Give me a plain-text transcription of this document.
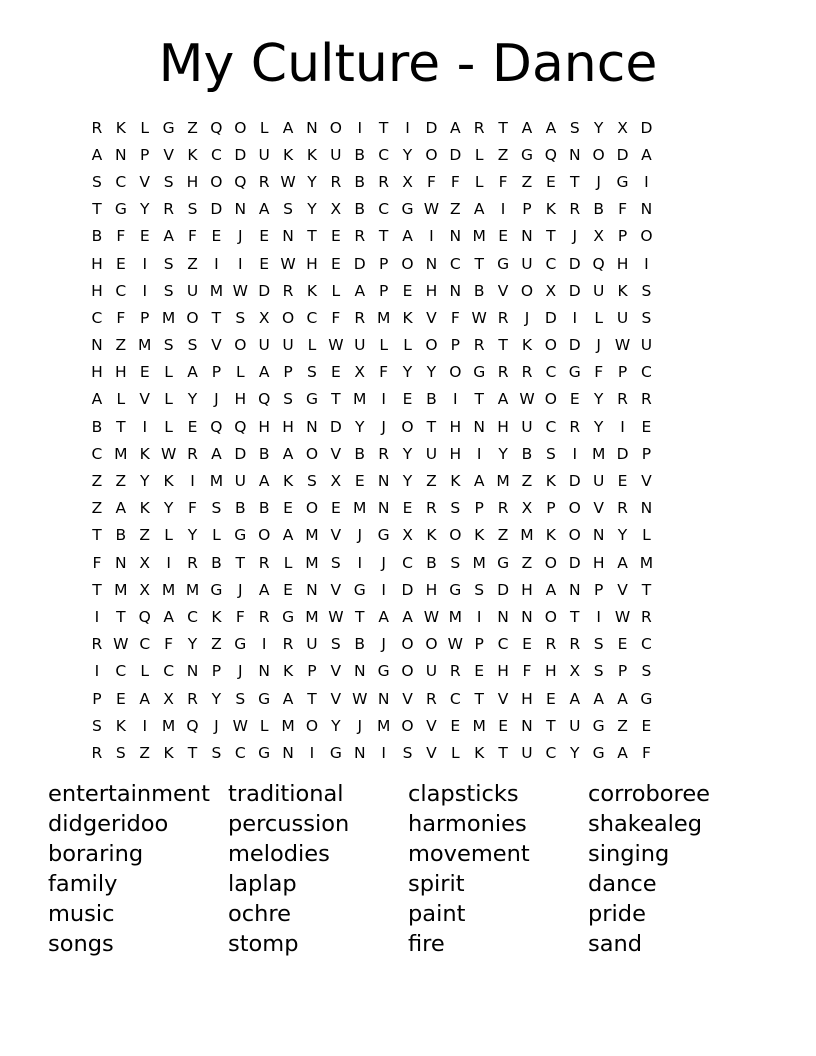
My Culture - Dance
R K L G Z Q O L A N O	I	T	I	D A R T A A S Y X D
A N P V K C D U K K U B C Y O D L Z G Q N O D A
S C V S H O Q R W Y R B R X F F L F Z E T	J	G	I
T G Y R S D N A S Y X B C G W Z A	I	P K R B F N
B F E A F E	J	E N T E R T A	I	N M E N T	J	X P O
H E	I	S Z	I	I	E W H E D P O N C T G U C D Q H	I
H C	I	S U M W D R K L A P E H N B V O X D U K S
C F P M O T S X O C F R M K V F W R	J	D	I	L U S
N Z M S S V O U U L W U L L O P R T K O D	J W U
H H E L A P L A P S E X F Y Y O G R R C G F P C
A L V L Y	J	H Q S G T M I	E B	I	T A W O E Y R R
B T	I	L E Q Q H H N D Y	J	O T H N H U C R Y	I	E
C M K W R A D B A O V B R Y U H	I	Y B S	I M D P
Z Z Y K	I M U A K S X E N Y Z K A M Z K D U E V
Z A K Y F S B B E O E M N E R S P R X P O V R N
T B Z L Y L G O A M V	J	G X K O K Z M K O N Y L
F N X	I	R B T R L M S	I	J	C B S M G Z O D H A M
T M X M M G	J	A E N V G	I	D H G S D H A N P V T
I	T Q A C K F R G M W T A A W M I	N N O T	I W R
R W C F Y Z G	I	R U S B	J	O O W P C E R R S E C
I	C L C N P	J	N K P V N G O U R E H F H X S P S
P E A X R Y S G A T V W N V R C T V H E A A A G
S K	I M Q	J W L M O Y	J M O V E M E N T U G Z E
R S Z K T S C G N	I	G N	I	S V L K T U C Y G A F
entertainment traditional	clapsticks	corroboree
didgeridoo	percussion	harmonies	shakealeg
boraring	melodies	movement	singing
family	laplap	spirit	dance
music	ochre	paint	pride
songs	stomp	fire	sand
